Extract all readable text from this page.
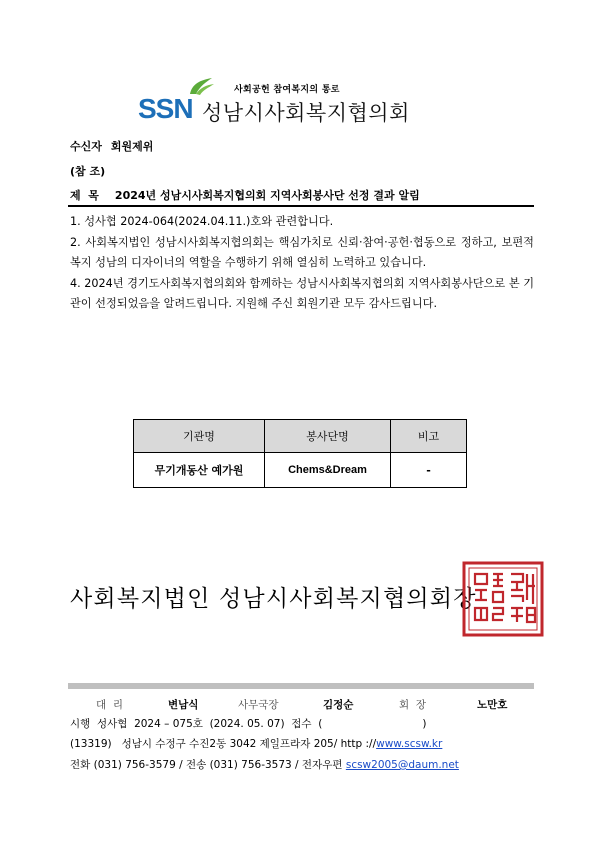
사회공헌 참여복지의 통로
SSN 성남시사회복지협의회
수신자 회원제위
(참 조)
제  목 2024년 성남시사회복지협의회 지역사회봉사단 선정 결과 알림

1. 성사협 2024-064(2024.04.11.)호와 관련합니다.

2. 사회복지법인 성남시사회복지협의회는 핵심가치로 신뢰·참여·공헌·협동으로 정하고, 보편적 복지 성남의 디자이너의 역할을 수행하기 위해 열심히 노력하고 있습니다.

4. 2024년 경기도사회복지협의회와 함께하는 성남시사회복지협의회 지역사회봉사단으로 본 기관이 선정되었음을 알려드립니다. 지원해 주신 회원기관 모두 감사드립니다.

기관명	봉사단명	비고
무기개동산 예가원	Chems&Dream	-
사회복지법인 성남시사회복지협의회장
대  리	변남식	사무국장	김정순	회  장	노만호
시행  성사협  2024 – 075호  (2024. 05. 07)  접수  (                              )
(13319)   성남시 수정구 수진2동 3042 제일프라자 205/ http ://www.scsw.kr
전화 (031) 756-3579 / 전송 (031) 756-3573 / 전자우편 scsw2005@daum.net
